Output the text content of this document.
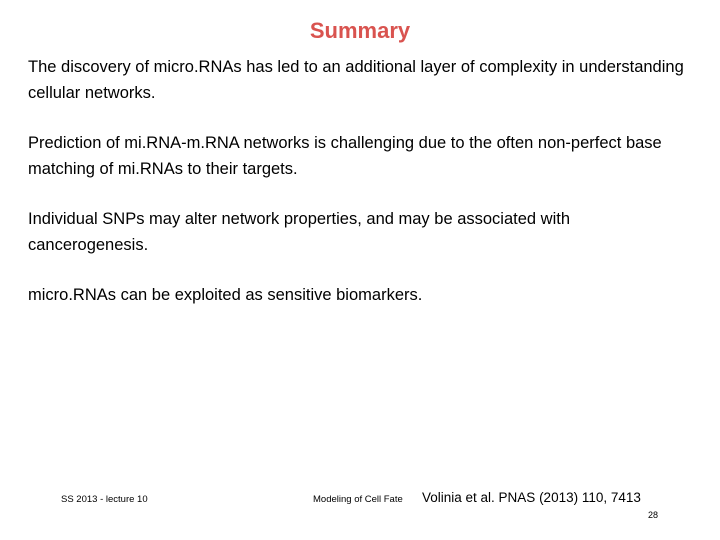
Summary

The discovery of micro.RNAs has led to an additional layer of complexity in understanding cellular networks.

Prediction of mi.RNA-m.RNA networks is challenging due to the often non-perfect base matching of mi.RNAs to their targets.

Individual SNPs may alter network properties, and may be associated with cancerogenesis.

micro.RNAs can be exploited as sensitive biomarkers.

SS 2013 - lecture 10	Modeling of Cell Fate Volinia et al. PNAS (2013) 110, 7413
28
